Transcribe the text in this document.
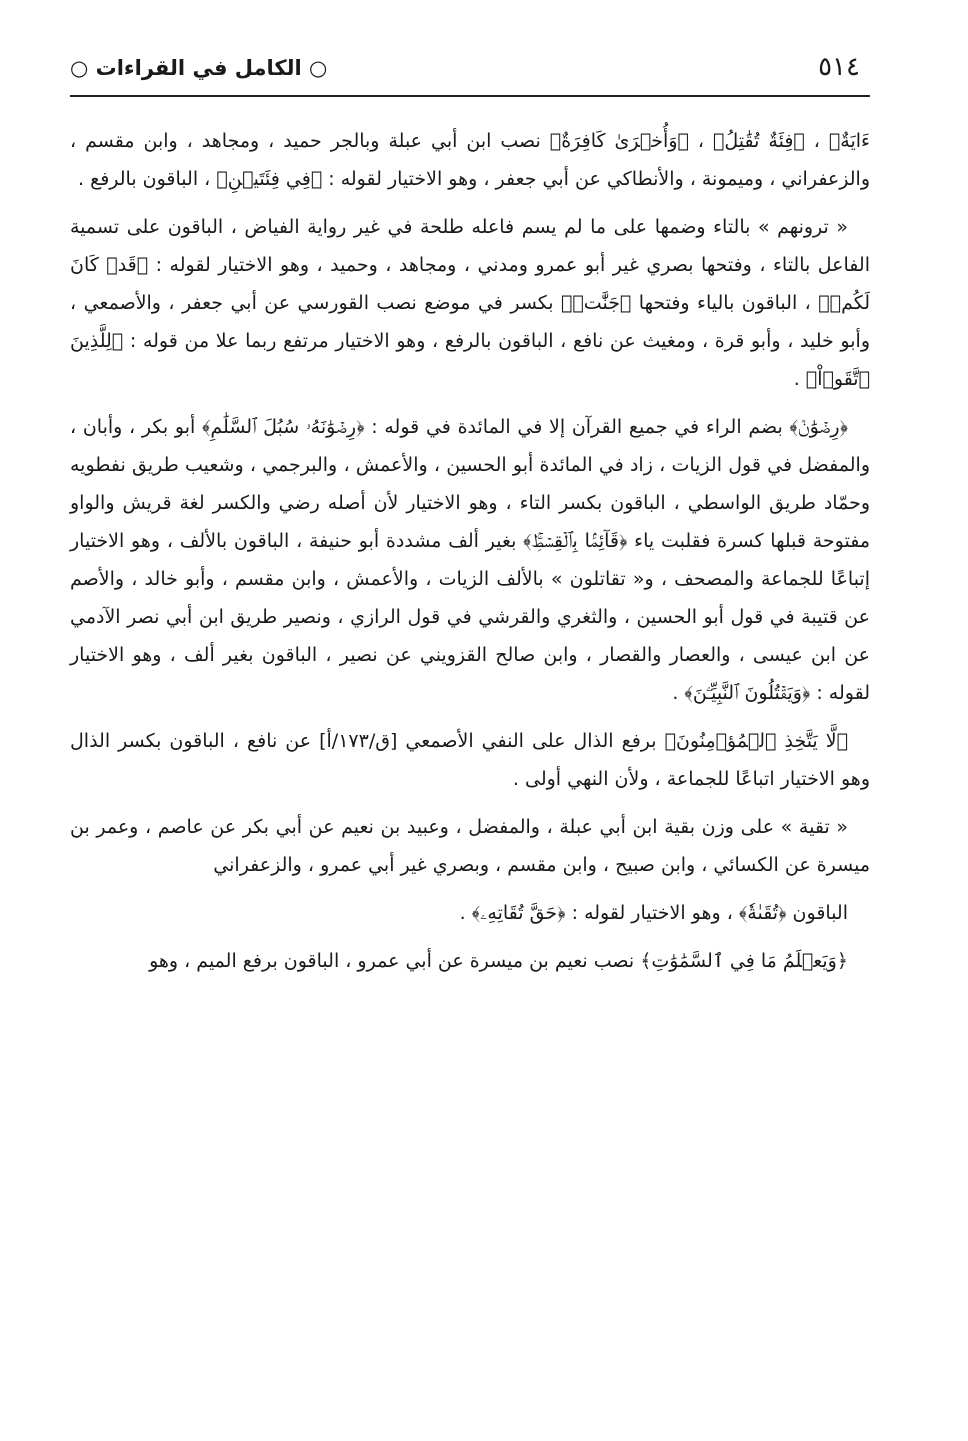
○ الكامل في القراءات ○	٥١٤

ءَايَةٌ﴾ ، ﴿فِئَةٌ تُقَٰتِلُ﴾ ، ﴿وَأُخۡرَىٰ كَافِرَةٌ﴾ نصب ابن أبي عبلة وبالجر حميد ، ومجاهد ، وابن مقسم ، والزعفراني ، وميمونة ، والأنطاكي عن أبي جعفر ، وهو الاختيار لقوله : ﴿فِي فِئَتَيۡنِ﴾ ، الباقون بالرفع .

« ترونهم » بالتاء وضمها على ما لم يسم فاعله طلحة في غير رواية الفياض ، الباقون على تسمية الفاعل بالتاء ، وفتحها بصري غير أبو عمرو ومدني ، ومجاهد ، وحميد ، وهو الاختيار لقوله : ﴿قَدۡ كَانَ لَكُمۡ﴾ ، الباقون بالياء وفتحها ﴿جَنَّٰتٞ﴾ بكسر في موضع نصب القورسي عن أبي جعفر ، والأصمعي ، وأبو خليد ، وأبو قرة ، ومغيث عن نافع ، الباقون بالرفع ، وهو الاختيار مرتفع ربما علا من قوله : ﴿لِلَّذِينَ ٱتَّقَوۡاْ﴾ .

﴿رِضۡوَٰنٞ﴾ بضم الراء في جميع القرآن إلا في المائدة في قوله : ﴿رِضۡوَٰنَهُۥ سُبُلَ ٱلسَّلَٰمِ﴾ أبو بكر ، وأبان ، والمفضل في قول الزيات ، زاد في المائدة أبو الحسين ، والأعمش ، والبرجمي ، وشعيب طريق نفطويه وحمّاد طريق الواسطي ، الباقون بكسر التاء ، وهو الاختيار لأن أصله رضي والكسر لغة قريش والواو مفتوحة قبلها كسرة فقلبت ياء ﴿قَآئِمَۢا بِٱلۡقِسۡطِۚ﴾ بغير ألف مشددة أبو حنيفة ، الباقون بالألف ، وهو الاختيار إتباعًا للجماعة والمصحف ، و« تقاتلون » بالألف الزيات ، والأعمش ، وابن مقسم ، وأبو خالد ، والأصم عن قتيبة في قول أبو الحسين ، والثغري والقرشي في قول الرازي ، ونصير طريق ابن أبي نصر الآدمي عن ابن عيسى ، والعصار والقصار ، وابن صالح القزويني عن نصير ، الباقون بغير ألف ، وهو الاختيار لقوله : ﴿وَيَقۡتُلُونَ ٱلنَّبِيِّـۧنَ﴾ .

﴿لَّا يَتَّخِذِ ٱلۡمُؤۡمِنُونَ﴾ برفع الذال على النفي الأصمعي [ق/١٧٣/أ] عن نافع ، الباقون بكسر الذال وهو الاختيار اتباعًا للجماعة ، ولأن النهي أولى .

« تقية » على وزن بقية ابن أبي عبلة ، والمفضل ، وعبيد بن نعيم عن أبي بكر عن عاصم ، وعمر بن ميسرة عن الكسائي ، وابن صبيح ، وابن مقسم ، وبصري غير أبي عمرو ، والزعفراني

الباقون ﴿تُقَىٰةٗ﴾ ، وهو الاختيار لقوله : ﴿حَقَّ تُقَاتِهِۦ﴾ .

﴿وَيَعۡلَمُ مَا فِي ٱلسَّمَٰوَٰتِ﴾ نصب نعيم بن ميسرة عن أبي عمرو ، الباقون برفع الميم ، وهو
